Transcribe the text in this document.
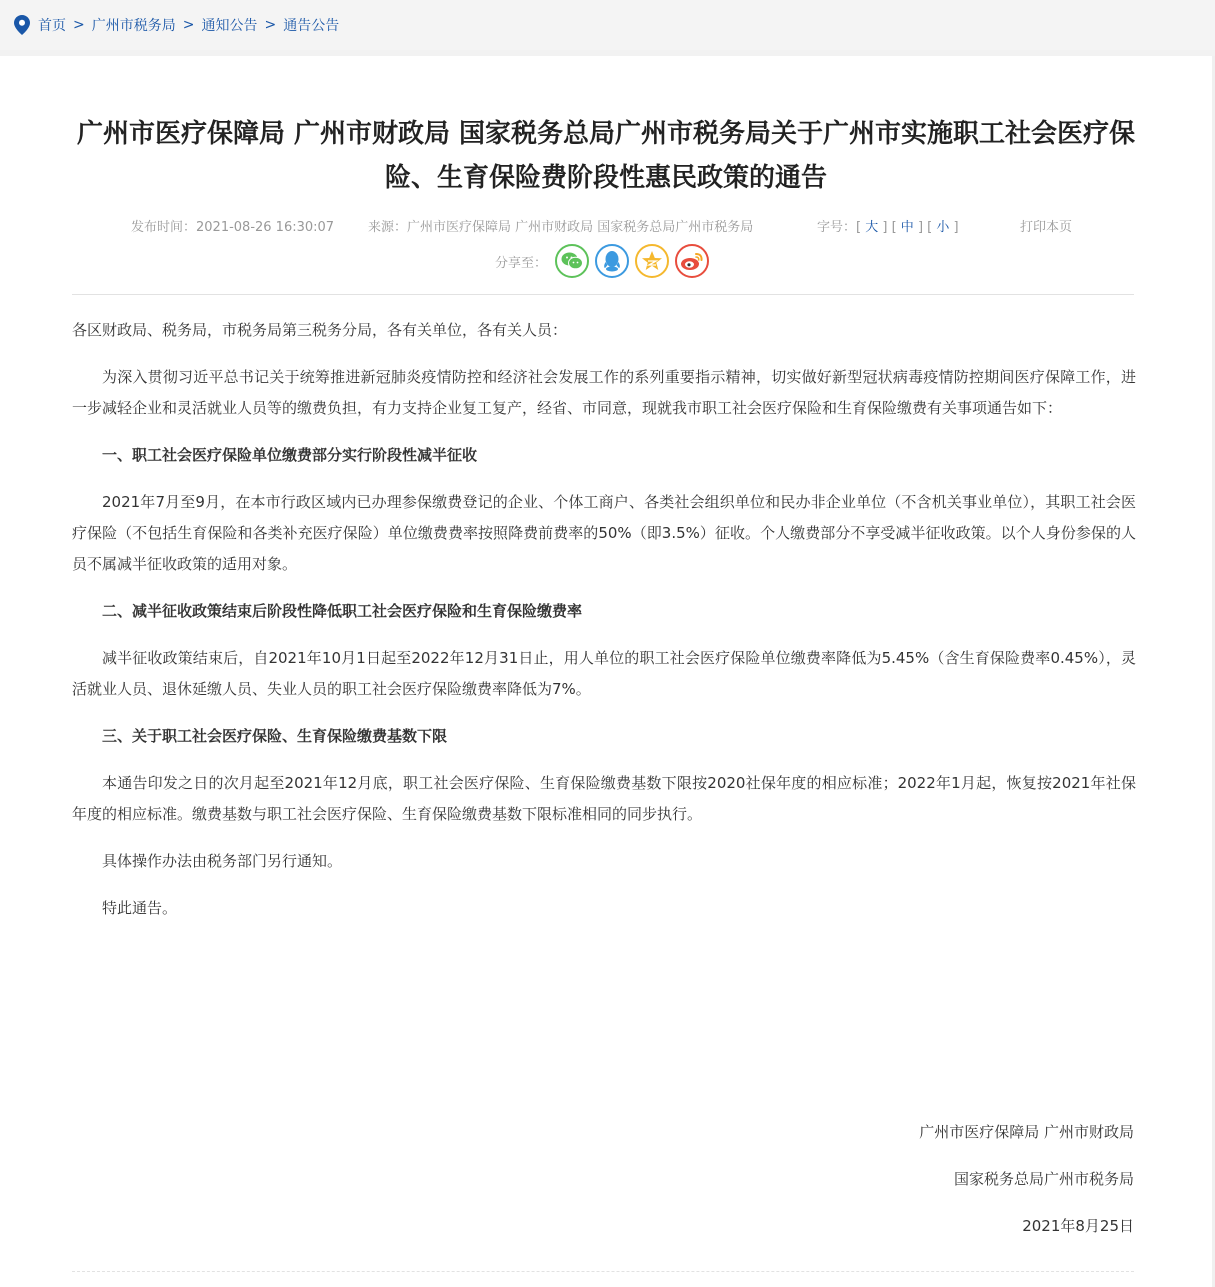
首页 > 广州市税务局 > 通知公告 > 通告公告
广州市医疗保障局 广州市财政局 国家税务总局广州市税务局关于广州市实施职工社会医疗保险、生育保险费阶段性惠民政策的通告
发布时间：2021-08-26 16:30:07	来源：广州市医疗保障局 广州市财政局 国家税务总局广州市税务局	字号：[ 大 ] [ 中 ] [ 小 ]	打印本页
分享至：

各区财政局、税务局，市税务局第三税务分局，各有关单位，各有关人员：

为深入贯彻习近平总书记关于统筹推进新冠肺炎疫情防控和经济社会发展工作的系列重要指示精神，切实做好新型冠状病毒疫情防控期间医疗保障工作，进一步减轻企业和灵活就业人员等的缴费负担，有力支持企业复工复产，经省、市同意，现就我市职工社会医疗保险和生育保险缴费有关事项通告如下：

一、职工社会医疗保险单位缴费部分实行阶段性减半征收

2021年7月至9月，在本市行政区域内已办理参保缴费登记的企业、个体工商户、各类社会组织单位和民办非企业单位（不含机关事业单位），其职工社会医疗保险（不包括生育保险和各类补充医疗保险）单位缴费费率按照降费前费率的50%（即3.5%）征收。个人缴费部分不享受减半征收政策。以个人身份参保的人员不属减半征收政策的适用对象。

二、减半征收政策结束后阶段性降低职工社会医疗保险和生育保险缴费率

减半征收政策结束后，自2021年10月1日起至2022年12月31日止，用人单位的职工社会医疗保险单位缴费率降低为5.45%（含生育保险费率0.45%），灵活就业人员、退休延缴人员、失业人员的职工社会医疗保险缴费率降低为7%。

三、关于职工社会医疗保险、生育保险缴费基数下限

本通告印发之日的次月起至2021年12月底，职工社会医疗保险、生育保险缴费基数下限按2020社保年度的相应标准；2022年1月起，恢复按2021年社保年度的相应标准。缴费基数与职工社会医疗保险、生育保险缴费基数下限标准相同的同步执行。

具体操作办法由税务部门另行通知。

特此通告。

广州市医疗保障局 广州市财政局
国家税务总局广州市税务局
2021年8月25日
